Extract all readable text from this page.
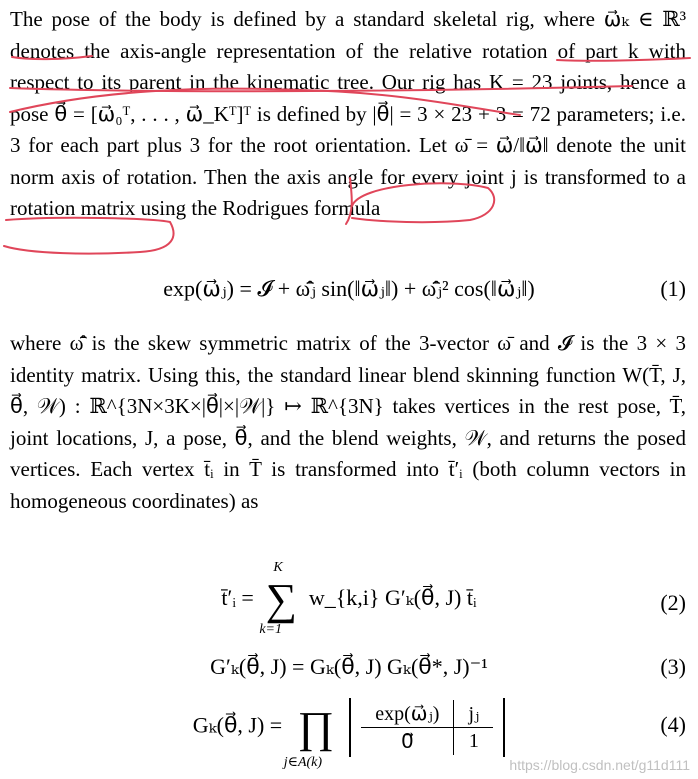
The pose of the body is defined by a standard skeletal rig, where ω⃗ₖ ∈ ℝ³ denotes the axis-angle representation of the relative rotation of part k with respect to its parent in the kinematic tree. Our rig has K = 23 joints, hence a pose θ⃗ = [ω⃗₀ᵀ, . . . , ω⃗_Kᵀ]ᵀ is defined by |θ⃗| = 3 × 23 + 3 = 72 parameters; i.e. 3 for each part plus 3 for the root orientation. Let ω̄ = ω⃗/‖ω⃗‖ denote the unit norm axis of rotation. Then the axis angle for every joint j is transformed to a rotation matrix using the Rodrigues formula

exp(ω⃗ⱼ) = 𝓘 + ω̂̄ⱼ sin(‖ω⃗ⱼ‖) + ω̂̄ⱼ² cos(‖ω⃗ⱼ‖)	(1)

where ω̂̄ is the skew symmetric matrix of the 3-vector ω̄ and 𝓘 is the 3 × 3 identity matrix. Using this, the standard linear blend skinning function W(T̄, J, θ⃗, 𝒲) : ℝ^{3N×3K×|θ⃗|×|𝒲|} ↦ ℝ^{3N} takes vertices in the rest pose, T̄, joint locations, J, a pose, θ⃗, and the blend weights, 𝒲, and returns the posed vertices. Each vertex t̄ᵢ in T̄ is transformed into t̄′ᵢ (both column vectors in homogeneous coordinates) as

t̄′ᵢ =
K
∑
k=1
w_{k,i} G′ₖ(θ⃗, J) t̄ᵢ	(2)
G′ₖ(θ⃗, J) = Gₖ(θ⃗, J) Gₖ(θ⃗*, J)⁻¹	(3)
Gₖ(θ⃗, J) = ∏
j∈A(k)

exp(ω⃗ⱼ)	jⱼ
0⃗	1
(4)
https://blog.csdn.net/g11d111
